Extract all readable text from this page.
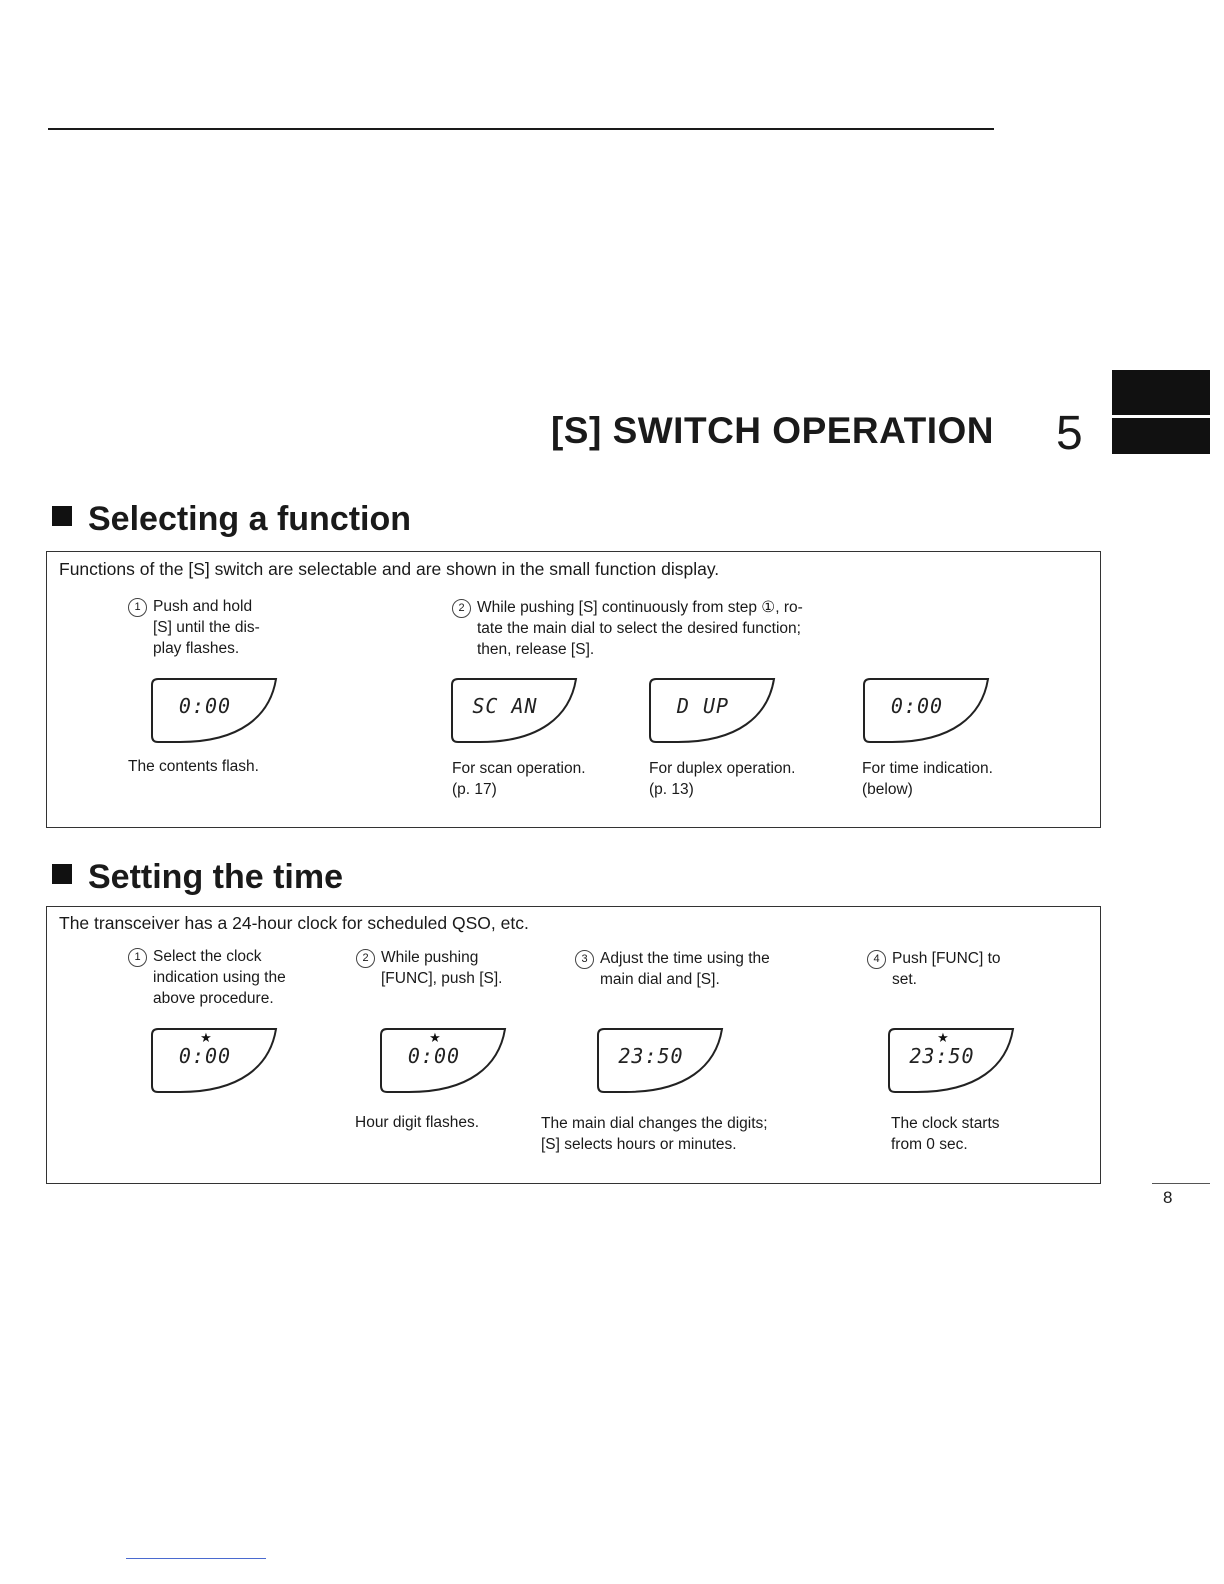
[S] SWITCH OPERATION 5
Selecting a function
Functions of the [S] switch are selectable and are shown in the small function display.
1 Push and hold
[S] until the dis-
play flashes.
2 While pushing [S] continuously from step ①, ro-
tate the main dial to select the desired function;
then, release [S].
0:00	SC AN	D UP	0:00
The contents flash.	For scan operation.
(p. 17)
For duplex operation.
(p. 13)
For time indication.
(below)
Setting the time
The transceiver has a 24-hour clock for scheduled QSO, etc.
1 Select the clock
indication using the
above procedure.
2 While pushing
[FUNC], push [S].
3 Adjust the time using the
main dial and [S].
4 Push [FUNC] to
set.
★
0:00
★
0:00	23:50
★
23:50
Hour digit flashes.	The main dial changes the digits;
[S] selects hours or minutes.
The clock starts
from 0 sec.
8
